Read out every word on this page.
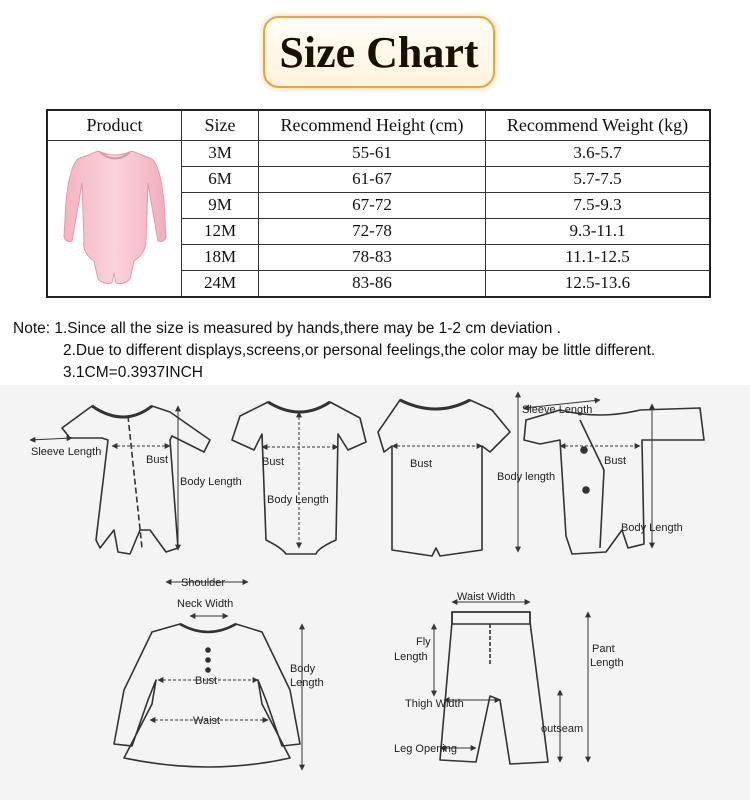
Size Chart
Product	Size	Recommend Height (cm)	Recommend Weight (kg)
	3M	55-61	3.6-5.7
	6M	61-67	5.7-7.5
	9M	67-72	7.5-9.3
	12M	72-78	9.3-11.1
	18M	78-83	11.1-12.5
	24M	83-86	12.5-13.6
Note: 1.Since all the size is measured by hands,there may be 1-2 cm deviation .
2.Due to different displays,screens,or personal feelings,the color may be little different.
3.1CM=0.3937INCH
Sleeve Length
Bust
Body Length
Bust
Body Length
Bust
Body length
Sleeve Length
Bust
Body Length
Shoulder
Neck Width
Bust
Waist
Body
Length
Waist Width
Fly
Length
Pant
Length
Thigh Width
outseam
Leg Opening
